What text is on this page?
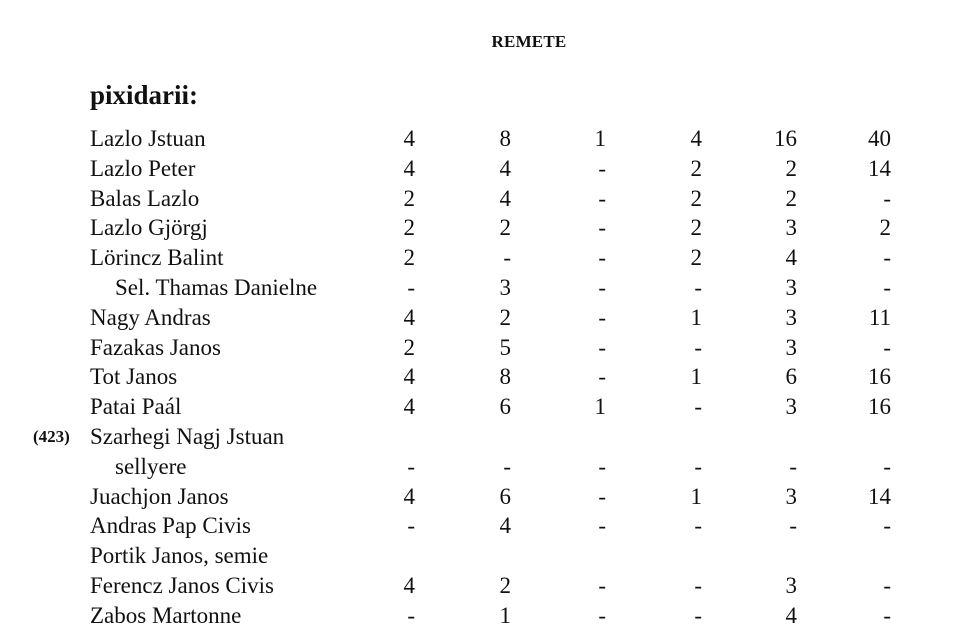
REMETE
pixidarii:
Lazlo Jstuan	4	8	1	4	16	40
Lazlo Peter	4	4	-	2	2	14
Balas Lazlo	2	4	-	2	2	-
Lazlo Gjörgj	2	2	-	2	3	2
Lörincz Balint	2	-	-	2	4	-
Sel. Thamas Danielne	-	3	-	-	3	-
Nagy Andras	4	2	-	1	3	11
Fazakas Janos	2	5	-	-	3	-
Tot Janos	4	8	-	1	6	16
Patai Paál	4	6	1	-	3	16
(423) Szarhegi Nagj Jstuan
sellyere	-	-	-	-	-	-
Juachjon Janos	4	6	-	1	3	14
Andras Pap Civis	-	4	-	-	-	-
Portik Janos, semie
Ferencz Janos Civis	4	2	-	-	3	-
Zabos Martonne	-	1	-	-	4	-
